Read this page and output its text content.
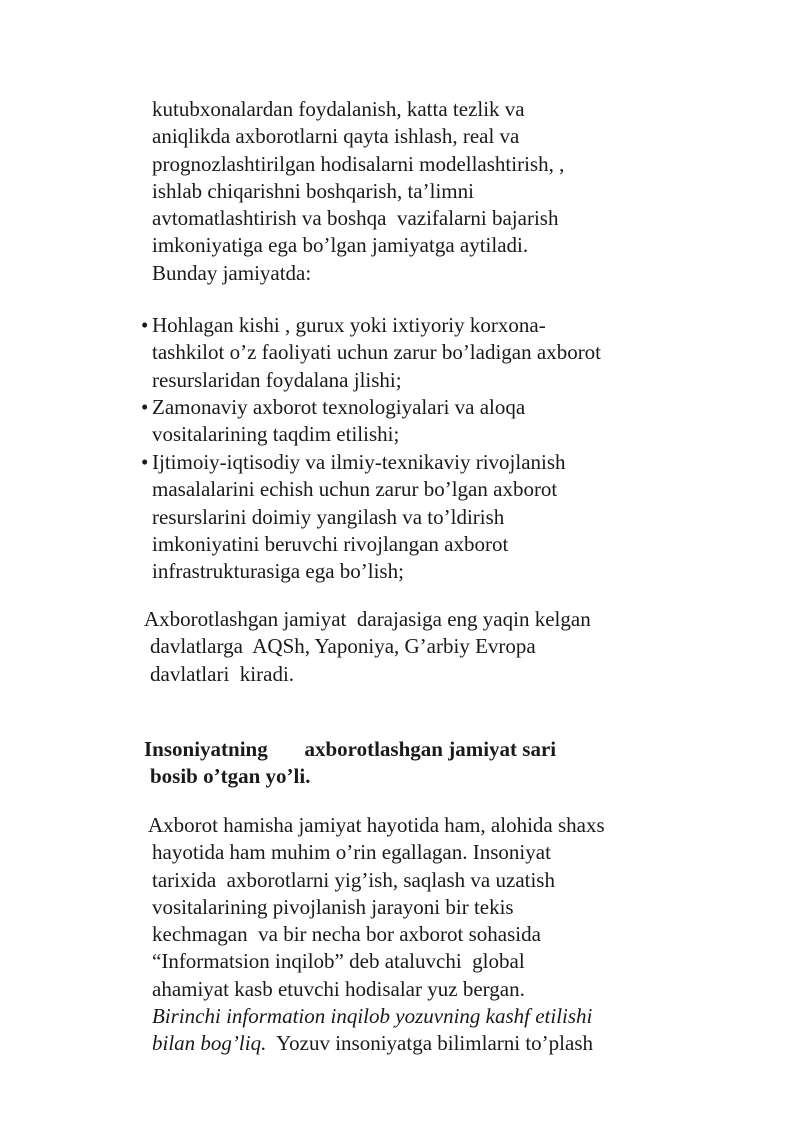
kutubxonalardan foydalanish, katta tezlik va
aniqlikda axborotlarni qayta ishlash, real va
prognozlashtirilgan hodisalarni modellashtirish, ,
ishlab chiqarishni boshqarish, ta’limni
avtomatlashtirish va boshqa  vazifalarni bajarish
imkoniyatiga ega bo’lgan jamiyatga aytiladi.
Bunday jamiyatda:
• Hohlagan kishi , gurux yoki ixtiyoriy korxona-
tashkilot o’z faoliyati uchun zarur bo’ladigan axborot
resurslaridan foydalana jlishi;
• Zamonaviy axborot texnologiyalari va aloqa
vositalarining taqdim etilishi;
• Ijtimoiy-iqtisodiy va ilmiy-texnikaviy rivojlanish
masalalarini echish uchun zarur bo’lgan axborot
resurslarini doimiy yangilash va to’ldirish
imkoniyatini beruvchi rivojlangan axborot
infrastrukturasiga ega bo’lish;
Axborotlashgan jamiyat  darajasiga eng yaqin kelgan
davlatlarga  AQSh, Yaponiya, G’arbiy Evropa
davlatlari  kiradi.
Insoniyatning       axborotlashgan jamiyat sari
bosib o’tgan yo’li.
Axborot hamisha jamiyat hayotida ham, alohida shaxs
hayotida ham muhim o’rin egallagan. Insoniyat
tarixida  axborotlarni yig’ish, saqlash va uzatish
vositalarining pivojlanish jarayoni bir tekis
kechmagan  va bir necha bor axborot sohasida
“Informatsion inqilob” deb ataluvchi  global
ahamiyat kasb etuvchi hodisalar yuz bergan.
Birinchi information inqilob yozuvning kashf etilishi
bilan bog’liq.  Yozuv insoniyatga bilimlarni to’plash
